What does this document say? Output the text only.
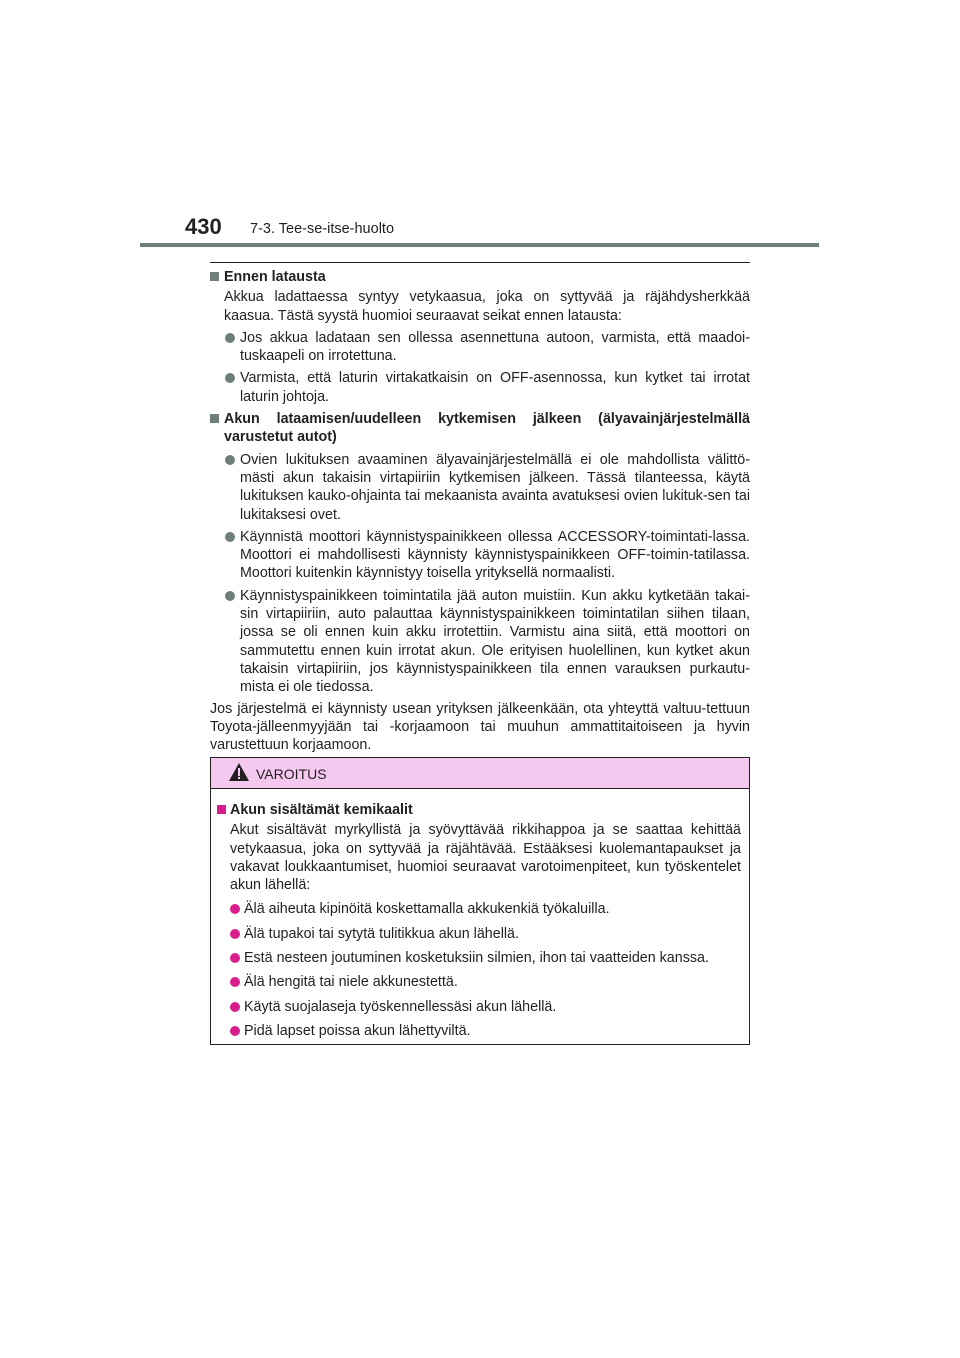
430 7-3. Tee-se-itse-huolto
Ennen latausta
Akkua ladattaessa syntyy vetykaasua, joka on syttyvää ja räjähdysherkkää kaasua. Tästä syystä huomioi seuraavat seikat ennen latausta:
Jos akkua ladataan sen ollessa asennettuna autoon, varmista, että maadoi-tuskaapeli on irrotettuna.
Varmista, että laturin virtakatkaisin on OFF-asennossa, kun kytket tai irrotat laturin johtoja.
Akun lataamisen/uudelleen kytkemisen jälkeen (älyavainjärjestelmällä varustetut autot)
Ovien lukituksen avaaminen älyavainjärjestelmällä ei ole mahdollista välittö-mästi akun takaisin virtapiiriin kytkemisen jälkeen. Tässä tilanteessa, käytä lukituksen kauko-ohjainta tai mekaanista avainta avatuksesi ovien lukituk-sen tai lukitaksesi ovet.
Käynnistä moottori käynnistyspainikkeen ollessa ACCESSORY-toimintati-lassa. Moottori ei mahdollisesti käynnisty käynnistyspainikkeen OFF-toimin-tatilassa. Moottori kuitenkin käynnistyy toisella yrityksellä normaalisti.
Käynnistyspainikkeen toimintatila jää auton muistiin. Kun akku kytketään takai-sin virtapiiriin, auto palauttaa käynnistyspainikkeen toimintatilan siihen tilaan, jossa se oli ennen kuin akku irrotettiin. Varmistu aina siitä, että moottori on sammutettu ennen kuin irrotat akun. Ole erityisen huolellinen, kun kytket akun takaisin virtapiiriin, jos käynnistyspainikkeen tila ennen varauksen purkautu-mista ei ole tiedossa.
Jos järjestelmä ei käynnisty usean yrityksen jälkeenkään, ota yhteyttä valtuu-tettuun Toyota-jälleenmyyjään tai -korjaamoon tai muuhun ammattitaitoiseen ja hyvin varustettuun korjaamoon.
VAROITUS
Akun sisältämät kemikaalit
Akut sisältävät myrkyllistä ja syövyttävää rikkihappoa ja se saattaa kehittää vetykaasua, joka on syttyvää ja räjähtävää. Estääksesi kuolemantapaukset ja vakavat loukkaantumiset, huomioi seuraavat varotoimenpiteet, kun työskentelet akun lähellä:
Älä aiheuta kipinöitä koskettamalla akkukenkiä työkaluilla.
Älä tupakoi tai sytytä tulitikkua akun lähellä.
Estä nesteen joutuminen kosketuksiin silmien, ihon tai vaatteiden kanssa.
Älä hengitä tai niele akkunestettä.
Käytä suojalaseja työskennellessäsi akun lähellä.
Pidä lapset poissa akun lähettyviltä.
